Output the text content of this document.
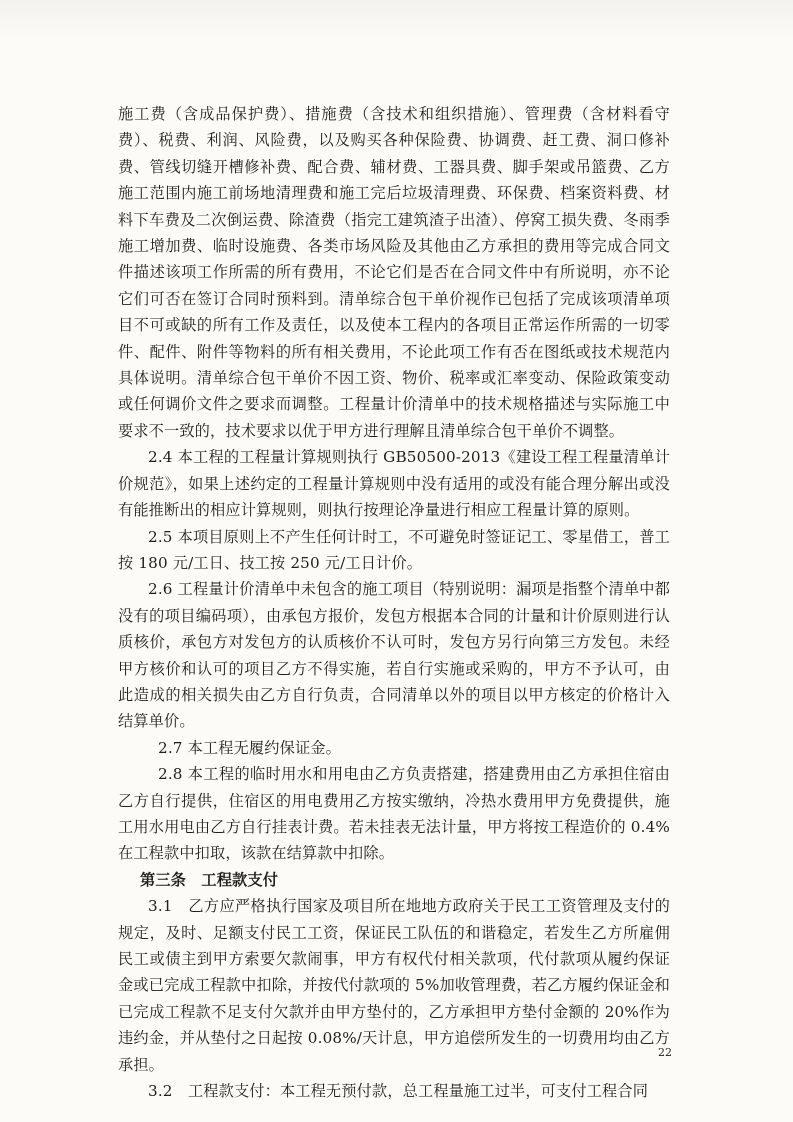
施工费（含成品保护费）、措施费（含技术和组织措施）、管理费（含材料看守费）、税费、利润、风险费，以及购买各种保险费、协调费、赶工费、洞口修补费、管线切缝开槽修补费、配合费、辅材费、工器具费、脚手架或吊篮费、乙方施工范围内施工前场地清理费和施工完后垃圾清理费、环保费、档案资料费、材料下车费及二次倒运费、除渣费（指完工建筑渣子出渣）、停窝工损失费、冬雨季施工增加费、临时设施费、各类市场风险及其他由乙方承担的费用等完成合同文件描述该项工作所需的所有费用，不论它们是否在合同文件中有所说明，亦不论它们可否在签订合同时预料到。清单综合包干单价视作已包括了完成该项清单项目不可或缺的所有工作及责任，以及使本工程内的各项目正常运作所需的一切零件、配件、附件等物料的所有相关费用，不论此项工作有否在图纸或技术规范内具体说明。清单综合包干单价不因工资、物价、税率或汇率变动、保险政策变动或任何调价文件之要求而调整。工程量计价清单中的技术规格描述与实际施工中要求不一致的，技术要求以优于甲方进行理解且清单综合包干单价不调整。

2.4 本工程的工程量计算规则执行 GB50500-2013《建设工程工程量清单计价规范》，如果上述约定的工程量计算规则中没有适用的或没有能合理分解出或没有能推断出的相应计算规则，则执行按理论净量进行相应工程量计算的原则。

2.5 本项目原则上不产生任何计时工，不可避免时签证记工、零星借工，普工按 180 元/工日、技工按 250 元/工日计价。

2.6 工程量计价清单中未包含的施工项目（特别说明：漏项是指整个清单中都没有的项目编码项），由承包方报价，发包方根据本合同的计量和计价原则进行认质核价，承包方对发包方的认质核价不认可时，发包方另行向第三方发包。未经甲方核价和认可的项目乙方不得实施，若自行实施或采购的，甲方不予认可，由此造成的相关损失由乙方自行负责，合同清单以外的项目以甲方核定的价格计入结算单价。

2.7 本工程无履约保证金。

2.8 本工程的临时用水和用电由乙方负责搭建，搭建费用由乙方承担住宿由乙方自行提供，住宿区的用电费用乙方按实缴纳，冷热水费用甲方免费提供，施工用水用电由乙方自行挂表计费。若未挂表无法计量，甲方将按工程造价的 0.4%在工程款中扣取，该款在结算款中扣除。

第三条　 工程款支付

3.1　乙方应严格执行国家及项目所在地地方政府关于民工工资管理及支付的规定，及时、足额支付民工工资，保证民工队伍的和谐稳定，若发生乙方所雇佣民工或债主到甲方索要欠款闹事，甲方有权代付相关款项，代付款项从履约保证金或已完成工程款中扣除，并按代付款项的 5%加收管理费，若乙方履约保证金和已完成工程款不足支付欠款并由甲方垫付的，乙方承担甲方垫付金额的 20%作为违约金，并从垫付之日起按 0.08%/天计息，甲方追偿所发生的一切费用均由乙方承担。

3.2　工程款支付：本工程无预付款，总工程量施工过半，可支付工程合同

22
